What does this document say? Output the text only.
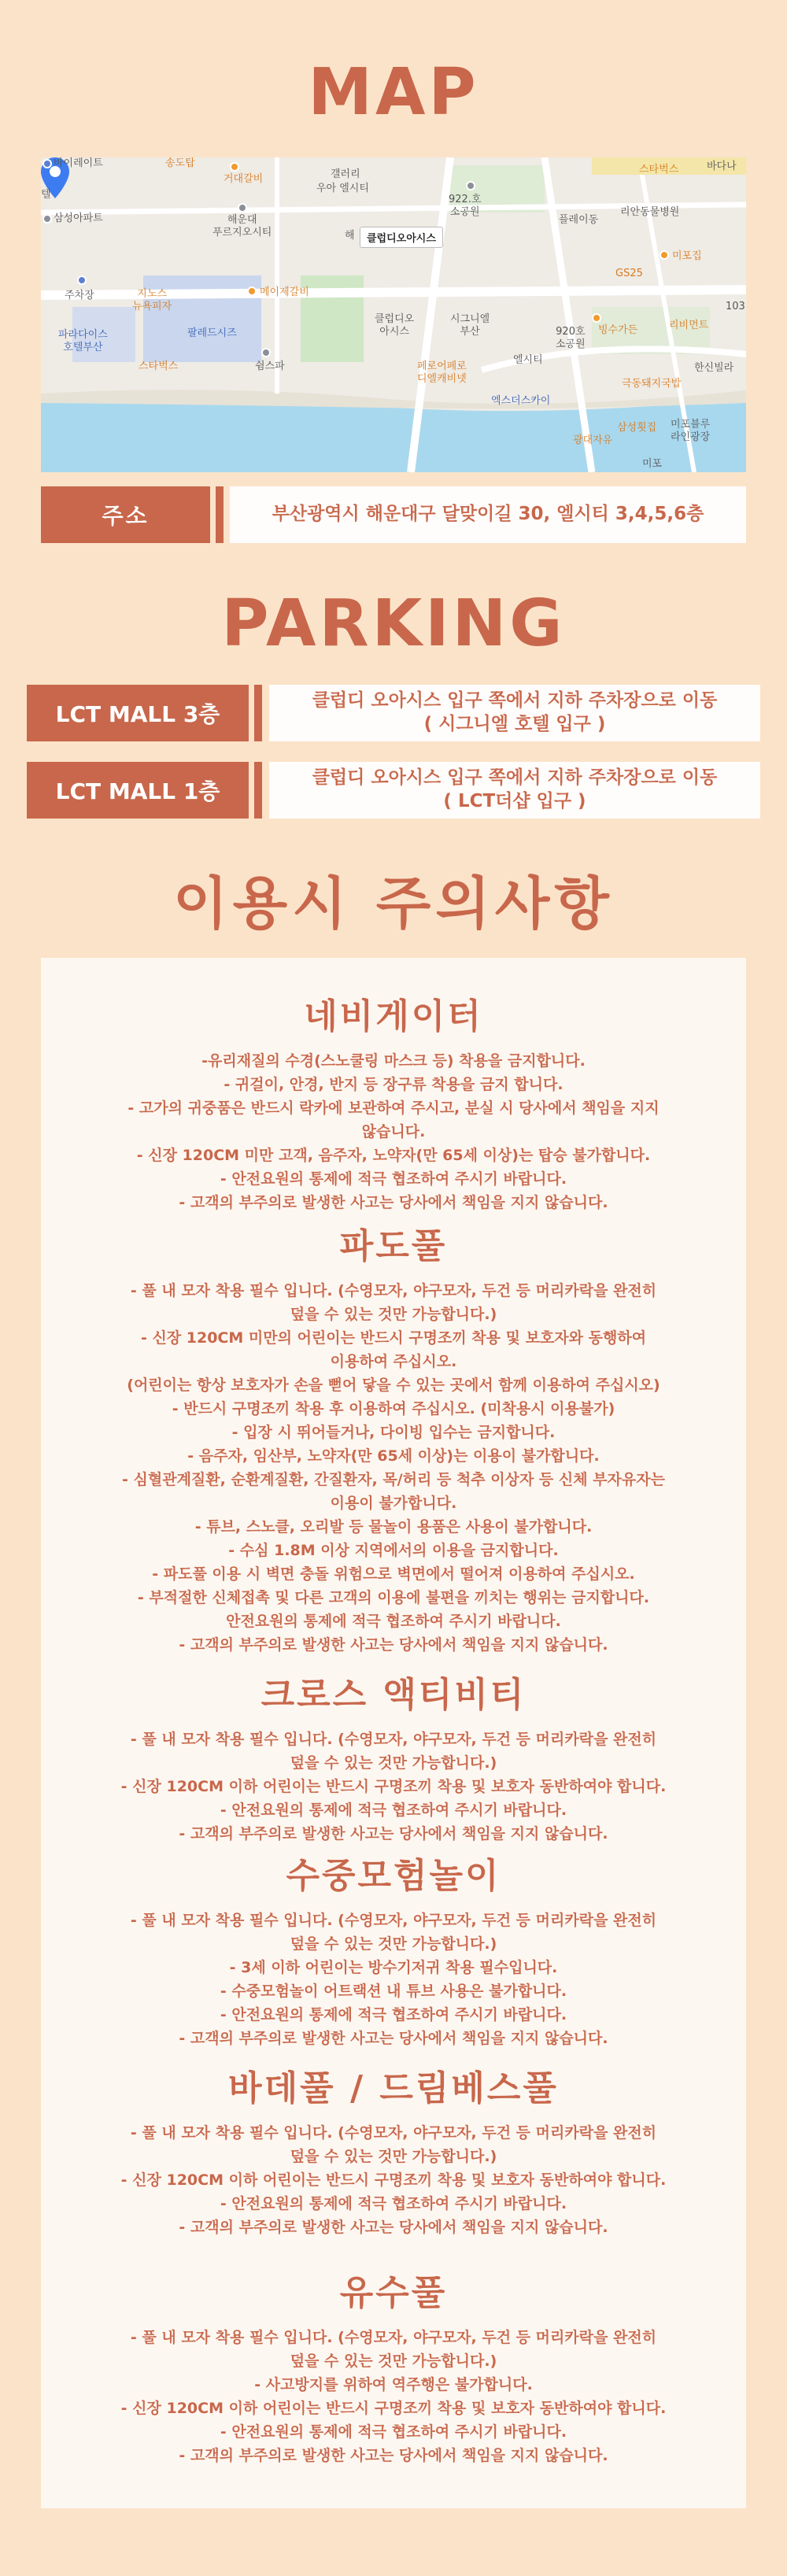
MAP
클럽디오아시스
바이레이트	송도탑
거대갈비	갤러리
우아 엘시티
스타벅스	바다나
텔
삼성아파트	해운대
푸르지오시티	해
922.호
소공원
플레이동
리안동물병원
미포집
GS25
103
주차장	지노스
뉴욕피자
메이제갈비
파라다이스
호텔부산
팔레드시즈
스타벅스	쉼스파
클럽디오
아시스
시그니엘
부산	빙수가든	리비먼트
엘시티
920호
소공원
페로어페로
디엘캐비넷
엑스더스카이
극동돼지국밥
한신빌라
삼성횟집 미포블루
라인광장
광대자유
미포
주소	부산광역시 해운대구 달맞이길 30, 엘시티 3,4,5,6층
PARKING
LCT MALL 3층
클럽디 오아시스 입구 쪽에서 지하 주차장으로 이동
( 시그니엘 호텔 입구 )
LCT MALL 1층
클럽디 오아시스 입구 쪽에서 지하 주차장으로 이동
( LCT더샵 입구 )
이용시 주의사항
네비게이터

-유리재질의 수경(스노쿨링 마스크 등) 착용을 금지합니다.

- 귀걸이, 안경, 반지 등 장구류 착용을 금지 합니다.

- 고가의 귀중품은 반드시 락카에 보관하여 주시고, 분실 시 당사에서 책임을 지지

않습니다.

- 신장 120CM 미만 고객, 음주자, 노약자(만 65세 이상)는 탑승 불가합니다.

- 안전요원의 통제에 적극 협조하여 주시기 바랍니다.

- 고객의 부주의로 발생한 사고는 당사에서 책임을 지지 않습니다.

파도풀

- 풀 내 모자 착용 필수 입니다. (수영모자, 야구모자, 두건 등 머리카락을 완전히

덮을 수 있는 것만 가능합니다.)

- 신장 120CM 미만의 어린이는 반드시 구명조끼 착용 및 보호자와 동행하여

이용하여 주십시오.

(어린이는 항상 보호자가 손을 뻗어 닿을 수 있는 곳에서 함께 이용하여 주십시오)

- 반드시 구명조끼 착용 후 이용하여 주십시오. (미착용시 이용불가)

- 입장 시 뛰어들거나, 다이빙 입수는 금지합니다.

- 음주자, 임산부, 노약자(만 65세 이상)는 이용이 불가합니다.

- 심혈관계질환, 순환계질환, 간질환자, 목/허리 등 척추 이상자 등 신체 부자유자는

이용이 불가합니다.

- 튜브, 스노클, 오리발 등 물놀이 용품은 사용이 불가합니다.

- 수심 1.8M 이상 지역에서의 이용을 금지합니다.

- 파도풀 이용 시 벽면 충돌 위험으로 벽면에서 떨어져 이용하여 주십시오.

- 부적절한 신체접촉 및 다른 고객의 이용에 불편을 끼치는 행위는 금지합니다.

안전요원의 통제에 적극 협조하여 주시기 바랍니다.

- 고객의 부주의로 발생한 사고는 당사에서 책임을 지지 않습니다.

크로스 액티비티

- 풀 내 모자 착용 필수 입니다. (수영모자, 야구모자, 두건 등 머리카락을 완전히

덮을 수 있는 것만 가능합니다.)

- 신장 120CM 이하 어린이는 반드시 구명조끼 착용 및 보호자 동반하여야 합니다.

- 안전요원의 통제에 적극 협조하여 주시기 바랍니다.

- 고객의 부주의로 발생한 사고는 당사에서 책임을 지지 않습니다.

수중모험놀이

- 풀 내 모자 착용 필수 입니다. (수영모자, 야구모자, 두건 등 머리카락을 완전히

덮을 수 있는 것만 가능합니다.)

- 3세 이하 어린이는 방수기저귀 착용 필수입니다.

- 수중모험놀이 어트랙션 내 튜브 사용은 불가합니다.

- 안전요원의 통제에 적극 협조하여 주시기 바랍니다.

- 고객의 부주의로 발생한 사고는 당사에서 책임을 지지 않습니다.

바데풀 / 드림베스풀

- 풀 내 모자 착용 필수 입니다. (수영모자, 야구모자, 두건 등 머리카락을 완전히

덮을 수 있는 것만 가능합니다.)

- 신장 120CM 이하 어린이는 반드시 구명조끼 착용 및 보호자 동반하여야 합니다.

- 안전요원의 통제에 적극 협조하여 주시기 바랍니다.

- 고객의 부주의로 발생한 사고는 당사에서 책임을 지지 않습니다.

유수풀

- 풀 내 모자 착용 필수 입니다. (수영모자, 야구모자, 두건 등 머리카락을 완전히

덮을 수 있는 것만 가능합니다.)

- 사고방지를 위하여 역주행은 불가합니다.

- 신장 120CM 이하 어린이는 반드시 구명조끼 착용 및 보호자 동반하여야 합니다.

- 안전요원의 통제에 적극 협조하여 주시기 바랍니다.

- 고객의 부주의로 발생한 사고는 당사에서 책임을 지지 않습니다.
